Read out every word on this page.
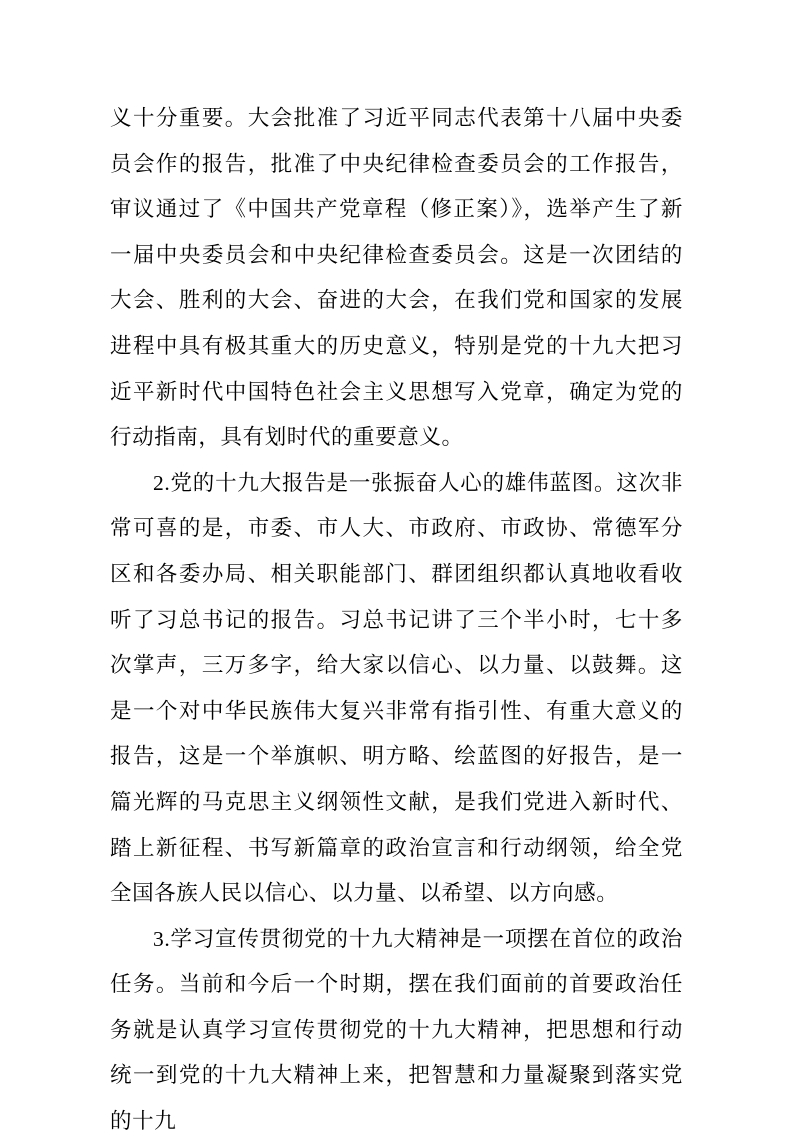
义十分重要。大会批准了习近平同志代表第十八届中央委员会作的报告，批准了中央纪律检查委员会的工作报告，审议通过了《中国共产党章程（修正案）》，选举产生了新一届中央委员会和中央纪律检查委员会。这是一次团结的大会、胜利的大会、奋进的大会，在我们党和国家的发展进程中具有极其重大的历史意义，特别是党的十九大把习近平新时代中国特色社会主义思想写入党章，确定为党的行动指南，具有划时代的重要意义。

2.党的十九大报告是一张振奋人心的雄伟蓝图。这次非常可喜的是，市委、市人大、市政府、市政协、常德军分区和各委办局、相关职能部门、群团组织都认真地收看收听了习总书记的报告。习总书记讲了三个半小时，七十多次掌声，三万多字，给大家以信心、以力量、以鼓舞。这是一个对中华民族伟大复兴非常有指引性、有重大意义的报告，这是一个举旗帜、明方略、绘蓝图的好报告，是一篇光辉的马克思主义纲领性文献，是我们党进入新时代、踏上新征程、书写新篇章的政治宣言和行动纲领，给全党全国各族人民以信心、以力量、以希望、以方向感。

3.学习宣传贯彻党的十九大精神是一项摆在首位的政治任务。当前和今后一个时期，摆在我们面前的首要政治任务就是认真学习宣传贯彻党的十九大精神，把思想和行动统一到党的十九大精神上来，把智慧和力量凝聚到落实党的十九
